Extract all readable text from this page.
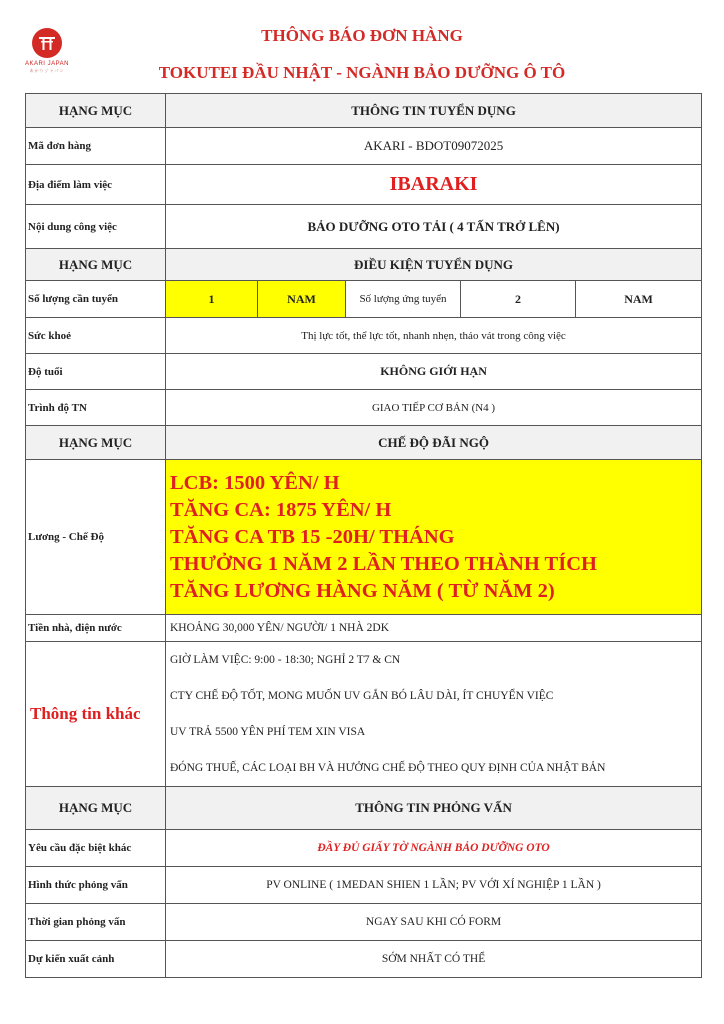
AKARI JAPAN
あかりジャパン
THÔNG BÁO ĐƠN HÀNG
TOKUTEI ĐẦU NHẬT - NGÀNH BẢO DƯỠNG Ô TÔ
HẠNG MỤC	THÔNG TIN TUYỂN DỤNG				
Mã đơn hàng	AKARI - BDOT09072025				
Địa điểm làm việc	IBARAKI				
Nội dung công việc	BẢO DƯỠNG OTO TẢI ( 4 TẤN TRỞ LÊN)				
HẠNG MỤC	ĐIỀU KIỆN TUYỂN DỤNG				
Số lượng cần tuyển	1	NAM	Số lượng ứng tuyển	2	NAM
Sức khoẻ	Thị lực tốt, thể lực tốt, nhanh nhẹn, tháo vát trong công việc				
Độ tuổi	KHÔNG GIỚI HẠN				
Trình độ TN	GIAO TIẾP CƠ BẢN (N4 )				
HẠNG MỤC	CHẾ ĐỘ ĐÃI NGỘ				
Lương - Chế Độ	LCB: 1500 YÊN/ H
TĂNG CA: 1875 YÊN/ H
TĂNG CA TB 15 -20H/ THÁNG
THƯỞNG 1 NĂM 2 LẦN THEO THÀNH TÍCH
TĂNG LƯƠNG HÀNG NĂM ( TỪ NĂM 2)				

Tiền nhà, điện nước	KHOẢNG 30,000 YÊN/ NGƯỜI/ 1 NHÀ 2DK				
Thông tin khác	GIỜ LÀM VIỆC: 9:00 - 18:30; NGHỈ 2 T7 & CN
CTY CHẾ ĐỘ TỐT, MONG MUỐN UV GẮN BÓ LÂU DÀI, ÍT CHUYỂN VIỆC
UV TRẢ 5500 YÊN PHÍ TEM XIN VISA
ĐÓNG THUẾ, CÁC LOẠI BH VÀ HƯỞNG CHẾ ĐỘ THEO QUY ĐỊNH CỦA NHẬT BẢN				

HẠNG MỤC	THÔNG TIN PHỎNG VẤN				
Yêu cầu đặc biệt khác	ĐẦY ĐỦ GIẤY TỜ NGÀNH BẢO DƯỠNG OTO				
Hình thức phỏng vấn	PV ONLINE ( 1MEDAN SHIEN 1 LẦN; PV VỚI XÍ NGHIỆP 1 LẦN )				
Thời gian phỏng vấn	NGAY SAU KHI CÓ FORM				
Dự kiến xuất cảnh	SỚM NHẤT CÓ THỂ				
